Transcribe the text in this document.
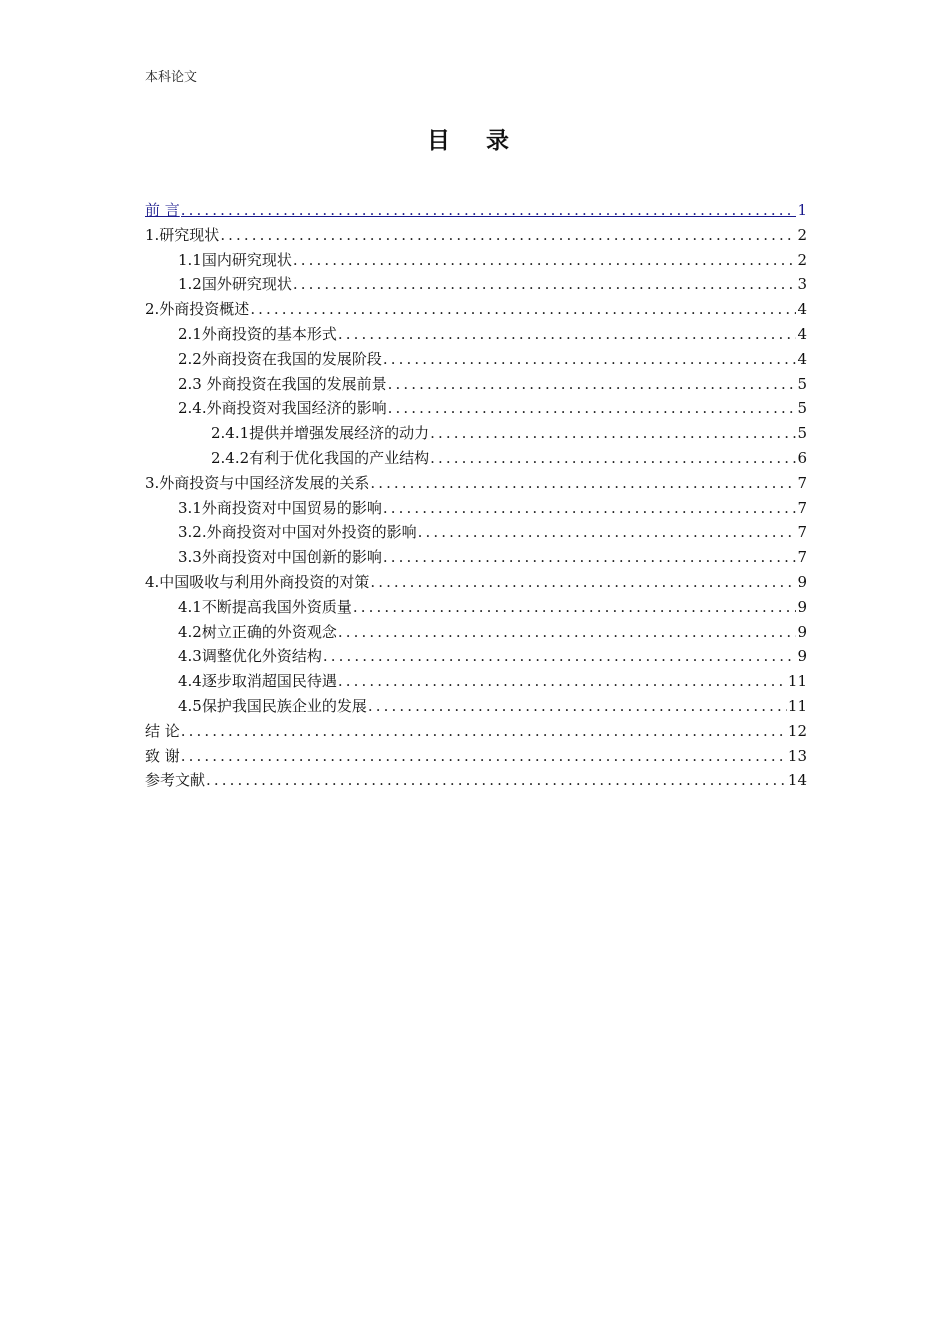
本科论文
目 录
前 言 .....	1
1.研究现状 .....	2
1.1国内研究现状 .....	2
1.2国外研究现状 .....	3
2.外商投资概述 .....	4
2.1外商投资的基本形式 .....	4
2.2外商投资在我国的发展阶段 .....	4
2.3 外商投资在我国的发展前景 .....	5
2.4.外商投资对我国经济的影响 .....	5
2.4.1提供并增强发展经济的动力 .....	5
2.4.2有利于优化我国的产业结构 .....	6
3.外商投资与中国经济发展的关系 .....	7
3.1外商投资对中国贸易的影响 .....	7
3.2.外商投资对中国对外投资的影响 .....	7
3.3外商投资对中国创新的影响 .....	7
4.中国吸收与利用外商投资的对策 .....	9
4.1不断提高我国外资质量 .....	9
4.2树立正确的外资观念 .....	9
4.3调整优化外资结构 .....	9
4.4逐步取消超国民待遇 .....	11
4.5保护我国民族企业的发展 .....	11
结 论 .....	12
致 谢 .....	13
参考文献 .....	14
